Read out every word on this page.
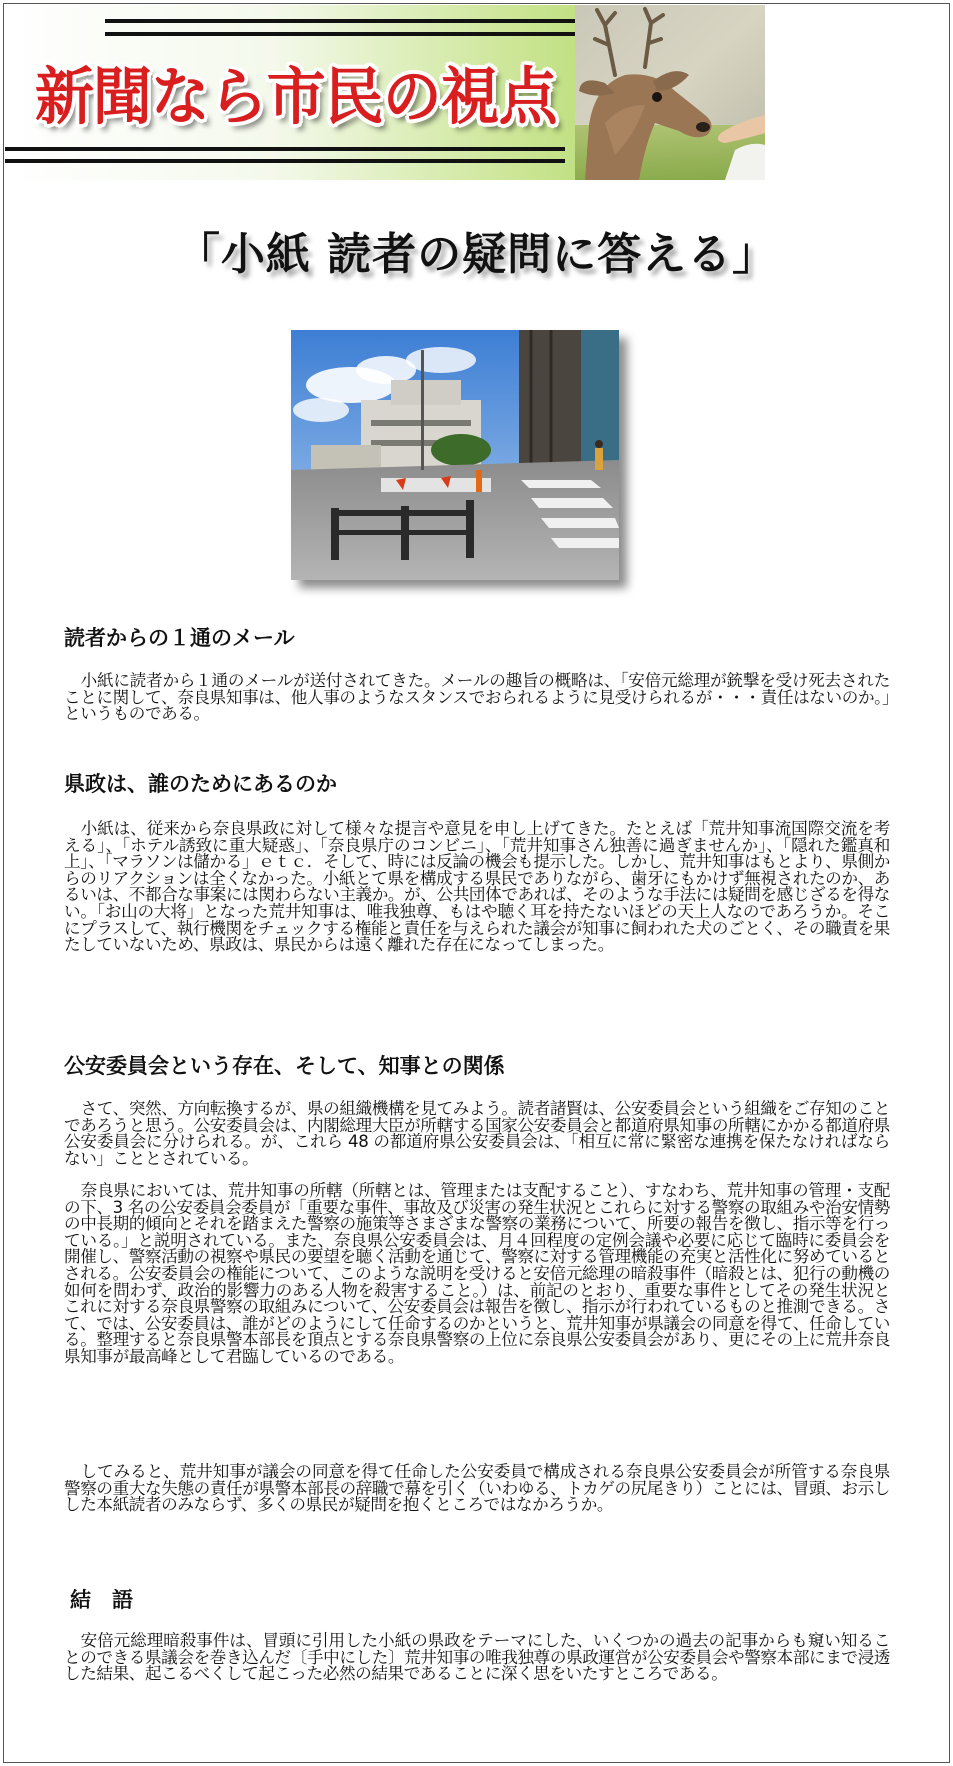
新聞なら市民の視点
「小紙 読者の疑問に答える」
読者からの１通のメール

小紙に読者から１通のメールが送付されてきた。メールの趣旨の概略は、「安倍元総理が銃撃を受け死去されたことに関して、奈良県知事は、他人事のようなスタンスでおられるように見受けられるが・・・責任はないのか。」というものである。

県政は、誰のためにあるのか

小紙は、従来から奈良県政に対して様々な提言や意見を申し上げてきた。たとえば「荒井知事流国際交流を考える」、「ホテル誘致に重大疑惑」、「奈良県庁のコンビニ」、「荒井知事さん独善に過ぎませんか」、「隠れた鑑真和上」、「マラソンは儲かる」ｅｔｃ．そして、時には反論の機会も提示した。しかし、荒井知事はもとより、県側からのリアクションは全くなかった。小紙とて県を構成する県民でありながら、歯牙にもかけず無視されたのか、あるいは、不都合な事案には関わらない主義か。が、公共団体であれば、そのような手法には疑問を感じざるを得ない。「お山の大将」となった荒井知事は、唯我独尊、もはや聴く耳を持たないほどの天上人なのであろうか。そこにプラスして、執行機関をチェックする権能と責任を与えられた議会が知事に飼われた犬のごとく、その職責を果たしていないため、県政は、県民からは遠く離れた存在になってしまった。

公安委員会という存在、そして、知事との関係

さて、突然、方向転換するが、県の組織機構を見てみよう。読者諸賢は、公安委員会という組織をご存知のことであろうと思う。公安委員会は、内閣総理大臣が所轄する国家公安委員会と都道府県知事の所轄にかかる都道府県公安委員会に分けられる。が、これら 48 の都道府県公安委員会は、「相互に常に緊密な連携を保たなければならない」こととされている。

奈良県においては、荒井知事の所轄（所轄とは、管理または支配すること）、すなわち、荒井知事の管理・支配の下、3 名の公安委員会委員が「重要な事件、事故及び災害の発生状況とこれらに対する警察の取組みや治安情勢の中長期的傾向とそれを踏まえた警察の施策等さまざまな警察の業務について、所要の報告を徴し、指示等を行っている。」と説明されている。また、奈良県公安委員会は、月４回程度の定例会議や必要に応じて臨時に委員会を開催し、警察活動の視察や県民の要望を聴く活動を通じて、警察に対する管理機能の充実と活性化に努めているとされる。公安委員会の権能について、このような説明を受けると安倍元総理の暗殺事件（暗殺とは、犯行の動機の如何を問わず、政治的影響力のある人物を殺害すること。）は、前記のとおり、重要な事件としてその発生状況とこれに対する奈良県警察の取組みについて、公安委員会は報告を徴し、指示が行われているものと推測できる。さて、では、公安委員は、誰がどのようにして任命するのかというと、荒井知事が県議会の同意を得て、任命している。整理すると奈良県警本部長を頂点とする奈良県警察の上位に奈良県公安委員会があり、更にその上に荒井奈良県知事が最高峰として君臨しているのである。

してみると、荒井知事が議会の同意を得て任命した公安委員で構成される奈良県公安委員会が所管する奈良県警察の重大な失態の責任が県警本部長の辞職で幕を引く（いわゆる、トカゲの尻尾きり）ことには、冒頭、お示しした本紙読者のみならず、多くの県民が疑問を抱くところではなかろうか。

結　語

安倍元総理暗殺事件は、冒頭に引用した小紙の県政をテーマにした、いくつかの過去の記事からも窺い知ることのできる県議会を巻き込んだ〔手中にした〕荒井知事の唯我独尊の県政運営が公安委員会や警察本部にまで浸透した結果、起こるべくして起こった必然の結果であることに深く思をいたすところである。
